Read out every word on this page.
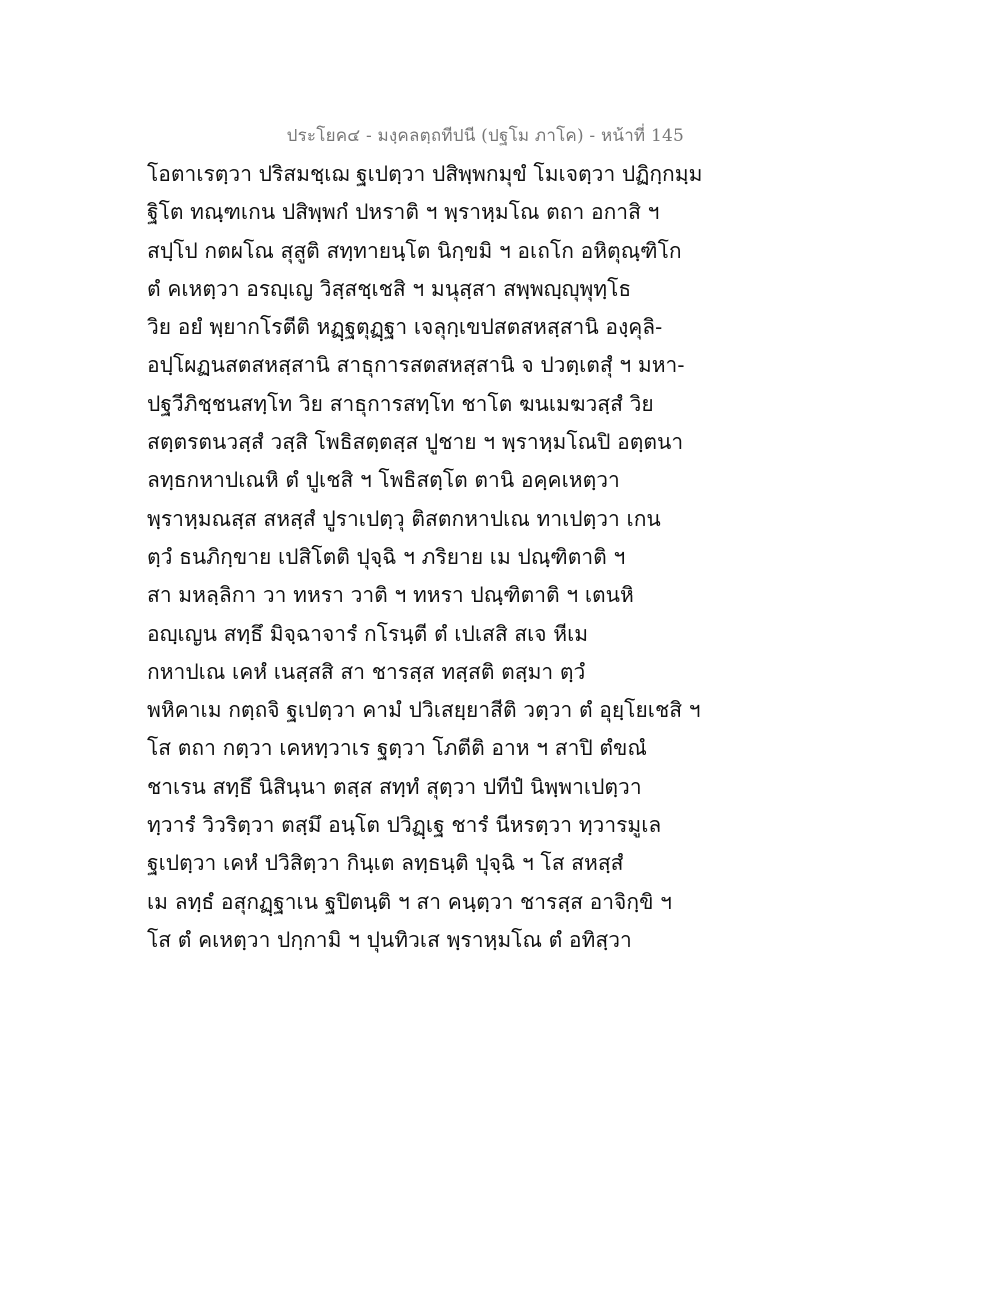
ประโยค๔ - มงฺคลตฺถทีปนี (ปฐโม ภาโค) - หน้าที่ 145
โอตาเรตฺวา ปริสมชฺเฌ ฐเปตฺวา ปสิพฺพกมุขํ โมเจตฺวา ปฏิกฺกมฺม
ฐิโต ทณฺฑเกน ปสิพฺพกํ ปหราติ ฯ พฺราหฺมโณ ตถา อกาสิ ฯ
สปฺโป กตผโณ สุสูติ สทฺทายนฺโต นิกฺขมิ ฯ อเถโก อหิตุณฺฑิโก
ตํ คเหตฺวา อรญฺเญ วิสฺสชฺเชสิ ฯ มนุสฺสา สพฺพญฺญุพุทฺโธ
วิย อยํ พฺยากโรตีติ หฏฺฐตุฏฺฐา เจลุกฺเขปสตสหสฺสานิ องฺคุลิ-
อปฺโผฏนสตสหสฺสานิ สาธุการสตสหสฺสานิ จ ปวตฺเตสุํ ฯ มหา-
ปฐวีภิชฺชนสทฺโท วิย สาธุการสทฺโท ชาโต ฆนเมฆวสฺสํ วิย
สตฺตรตนวสฺสํ วสฺสิ โพธิสตฺตสฺส ปูชาย ฯ พฺราหฺมโณปิ อตฺตนา
ลทฺธกหาปเณหิ ตํ ปูเชสิ ฯ โพธิสตฺโต ตานิ อคฺคเหตฺวา
พฺราหฺมณสฺส สหสฺสํ ปูราเปตฺวุ ติสตกหาปเณ ทาเปตฺวา เกน
ตฺวํ ธนภิกฺขาย เปสิโตติ ปุจฺฉิ ฯ ภริยาย เม ปณฺฑิตาติ ฯ
สา มหลฺลิกา วา ทหรา วาติ ฯ ทหรา ปณฺฑิตาติ ฯ เตนหิ
อญฺเญน สทฺธึ มิจฺฉาจารํ กโรนฺตี ตํ เปเสสิ สเจ หีเม
กหาปเณ เคหํ เนสฺสสิ สา ชารสฺส ทสฺสติ ตสฺมา ตฺวํ
พหิคาเม กตฺถจิ ฐเปตฺวา คามํ ปวิเสยฺยาสีติ วตฺวา ตํ อุยฺโยเชสิ ฯ
โส ตถา กตฺวา เคหทฺวาเร ฐตฺวา โภตีติ อาห ฯ สาปิ ตํขณํ
ชาเรน สทฺธึ นิสินฺนา ตสฺส สทฺทํ สุตฺวา ปทีปํ นิพฺพาเปตฺวา
ทฺวารํ วิวริตฺวา ตสฺมึ อนฺโต ปวิฏฺเฐ ชารํ นีหรตฺวา ทฺวารมูเล
ฐเปตฺวา เคหํ ปวิสิตฺวา กินฺเต ลทฺธนฺติ ปุจฺฉิ ฯ โส สหสฺสํ
เม ลทฺธํ อสุกฏฺฐาเน ฐปิตนฺติ ฯ สา คนฺตฺวา ชารสฺส อาจิกฺขิ ฯ
โส ตํ คเหตฺวา ปกฺกามิ ฯ ปุนทิวเส พฺราหฺมโณ ตํ อทิสฺวา
